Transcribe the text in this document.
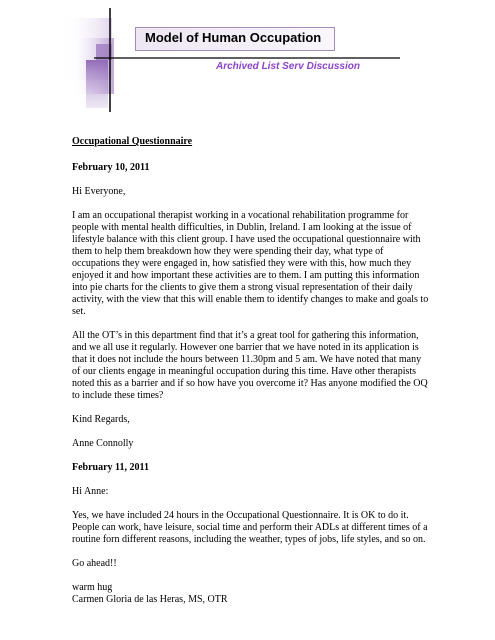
Model of Human Occupation
Archived List Serv Discussion
Occupational Questionnaire
February 10, 2011
Hi Everyone,
I am an occupational therapist working in a vocational rehabilitation programme for
people with mental health difficulties, in Dublin, Ireland. I am looking at the issue of
lifestyle balance with this client group. I have used the occupational questionnaire with
them to help them breakdown how they were spending their day, what type of
occupations they were engaged in, how satisfied they were with this, how much they
enjoyed it and how important these activities are to them. I am putting this information
into pie charts for the clients to give them a strong visual representation of their daily
activity, with the view that this will enable them to identify changes to make and goals to
set.
All the OT’s in this department find that it’s a great tool for gathering this information,
and we all use it regularly. However one barrier that we have noted in its application is
that it does not include the hours between 11.30pm and 5 am. We have noted that many
of our clients engage in meaningful occupation during this time. Have other therapists
noted this as a barrier and if so how have you overcome it? Has anyone modified the OQ
to include these times?
Kind Regards,
Anne Connolly
February 11, 2011
Hi Anne:
Yes, we have included 24 hours in the Occupational Questionnaire. It is OK to do it.
People can work, have leisure, social time and perform their ADLs at different times of a
routine forn different reasons, including the weather, types of jobs, life styles, and so on.
Go ahead!!
warm hug
Carmen Gloria de las Heras, MS, OTR
